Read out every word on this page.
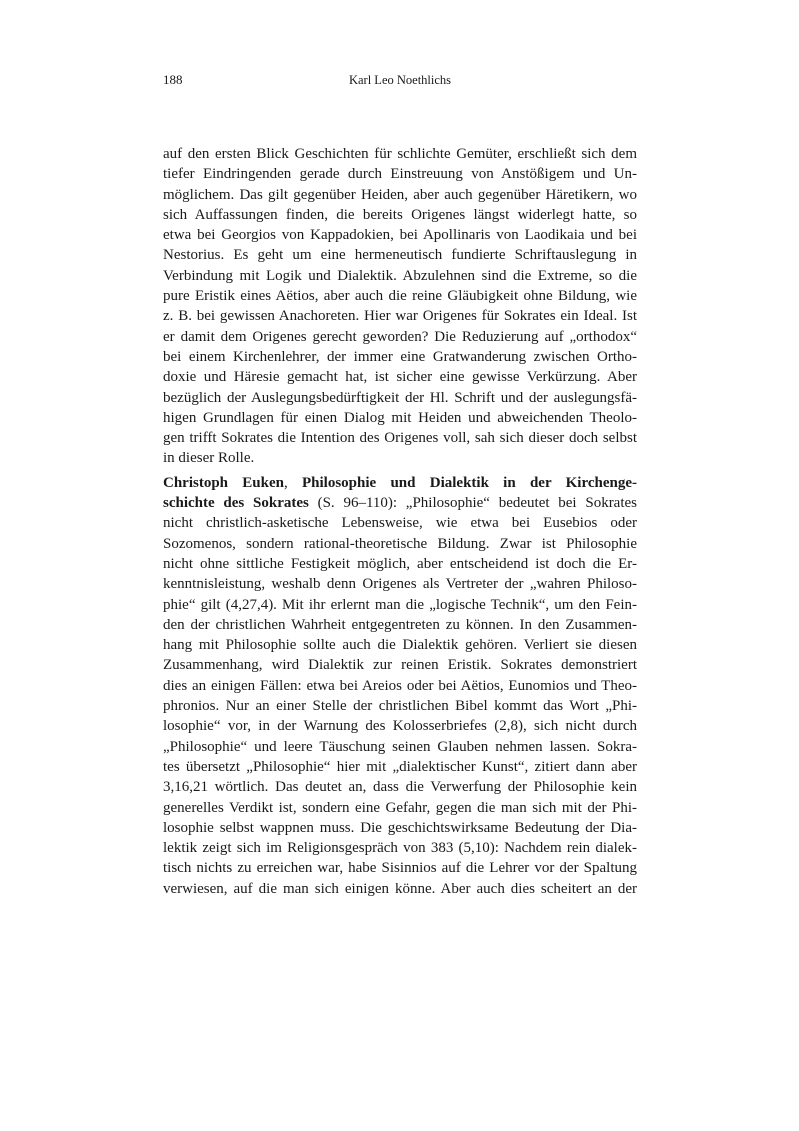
188	Karl Leo Noethlichs
auf den ersten Blick Geschichten für schlichte Gemüter, erschließt sich dem
tiefer Eindringenden gerade durch Einstreuung von Anstößigem und Un-
möglichem. Das gilt gegenüber Heiden, aber auch gegenüber Häretikern, wo
sich Auffassungen finden, die bereits Origenes längst widerlegt hatte, so
etwa bei Georgios von Kappadokien, bei Apollinaris von Laodikaia und bei
Nestorius. Es geht um eine hermeneutisch fundierte Schriftauslegung in
Verbindung mit Logik und Dialektik. Abzulehnen sind die Extreme, so die
pure Eristik eines Aëtios, aber auch die reine Gläubigkeit ohne Bildung, wie
z. B. bei gewissen Anachoreten. Hier war Origenes für Sokrates ein Ideal. Ist
er damit dem Origenes gerecht geworden? Die Reduzierung auf „orthodox“
bei einem Kirchenlehrer, der immer eine Gratwanderung zwischen Ortho-
doxie und Häresie gemacht hat, ist sicher eine gewisse Verkürzung. Aber
bezüglich der Auslegungsbedürftigkeit der Hl. Schrift und der auslegungsfä-
higen Grundlagen für einen Dialog mit Heiden und abweichenden Theolo-
gen trifft Sokrates die Intention des Origenes voll, sah sich dieser doch selbst
in dieser Rolle.
Christoph Euken, Philosophie und Dialektik in der Kirchenge-
schichte des Sokrates (S. 96–110): „Philosophie“ bedeutet bei Sokrates
nicht christlich-asketische Lebensweise, wie etwa bei Eusebios oder
Sozomenos, sondern rational-theoretische Bildung. Zwar ist Philosophie
nicht ohne sittliche Festigkeit möglich, aber entscheidend ist doch die Er-
kenntnisleistung, weshalb denn Origenes als Vertreter der „wahren Philoso-
phie“ gilt (4,27,4). Mit ihr erlernt man die „logische Technik“, um den Fein-
den der christlichen Wahrheit entgegentreten zu können. In den Zusammen-
hang mit Philosophie sollte auch die Dialektik gehören. Verliert sie diesen
Zusammenhang, wird Dialektik zur reinen Eristik. Sokrates demonstriert
dies an einigen Fällen: etwa bei Areios oder bei Aëtios, Eunomios und Theo-
phronios. Nur an einer Stelle der christlichen Bibel kommt das Wort „Phi-
losophie“ vor, in der Warnung des Kolosserbriefes (2,8), sich nicht durch
„Philosophie“ und leere Täuschung seinen Glauben nehmen lassen. Sokra-
tes übersetzt „Philosophie“ hier mit „dialektischer Kunst“, zitiert dann aber
3,16,21 wörtlich. Das deutet an, dass die Verwerfung der Philosophie kein
generelles Verdikt ist, sondern eine Gefahr, gegen die man sich mit der Phi-
losophie selbst wappnen muss. Die geschichtswirksame Bedeutung der Dia-
lektik zeigt sich im Religionsgespräch von 383 (5,10): Nachdem rein dialek-
tisch nichts zu erreichen war, habe Sisinnios auf die Lehrer vor der Spaltung
verwiesen, auf die man sich einigen könne. Aber auch dies scheitert an der
